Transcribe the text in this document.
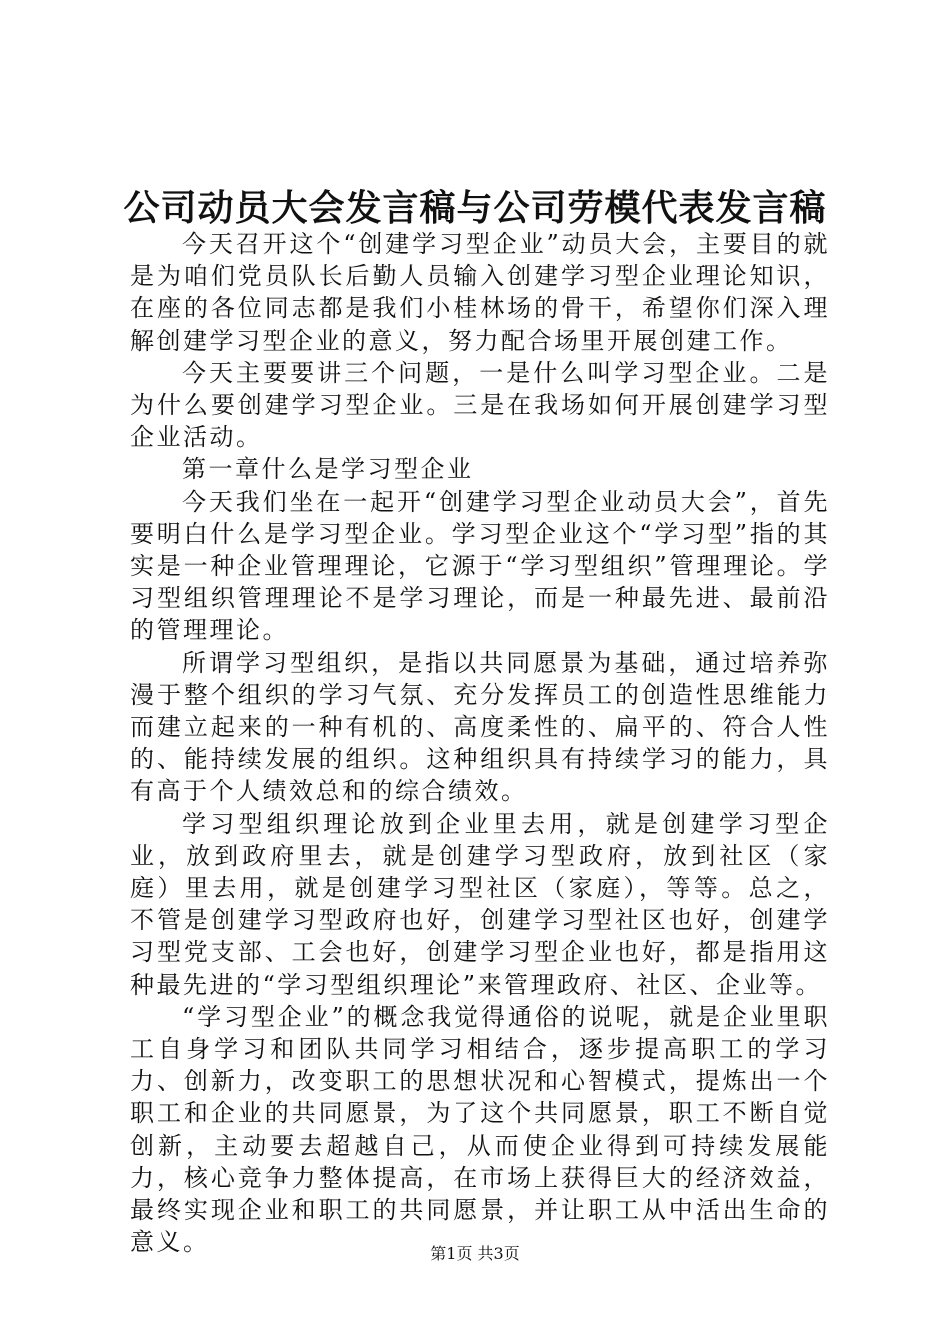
公司动员大会发言稿与公司劳模代表发言稿

今天召开这个“创建学习型企业”动员大会，主要目的就是为咱们党员队长后勤人员输入创建学习型企业理论知识，在座的各位同志都是我们小桂林场的骨干，希望你们深入理解创建学习型企业的意义，努力配合场里开展创建工作。

今天主要要讲三个问题，一是什么叫学习型企业。二是为什么要创建学习型企业。三是在我场如何开展创建学习型企业活动。

第一章什么是学习型企业

今天我们坐在一起开“创建学习型企业动员大会”，首先要明白什么是学习型企业。学习型企业这个“学习型”指的其实是一种企业管理理论，它源于“学习型组织”管理理论。学习型组织管理理论不是学习理论，而是一种最先进、最前沿的管理理论。

所谓学习型组织，是指以共同愿景为基础，通过培养弥漫于整个组织的学习气氛、充分发挥员工的创造性思维能力而建立起来的一种有机的、高度柔性的、扁平的、符合人性的、能持续发展的组织。这种组织具有持续学习的能力，具有高于个人绩效总和的综合绩效。

学习型组织理论放到企业里去用，就是创建学习型企业，放到政府里去，就是创建学习型政府，放到社区（家庭）里去用，就是创建学习型社区（家庭），等等。总之，不管是创建学习型政府也好，创建学习型社区也好，创建学习型党支部、工会也好，创建学习型企业也好，都是指用这种最先进的“学习型组织理论”来管理政府、社区、企业等。

“学习型企业”的概念我觉得通俗的说呢，就是企业里职工自身学习和团队共同学习相结合，逐步提高职工的学习力、创新力，改变职工的思想状况和心智模式，提炼出一个职工和企业的共同愿景，为了这个共同愿景，职工不断自觉创新，主动要去超越自己，从而使企业得到可持续发展能力，核心竞争力整体提高，在市场上获得巨大的经济效益，最终实现企业和职工的共同愿景，并让职工从中活出生命的意义。	第1页 共3页
